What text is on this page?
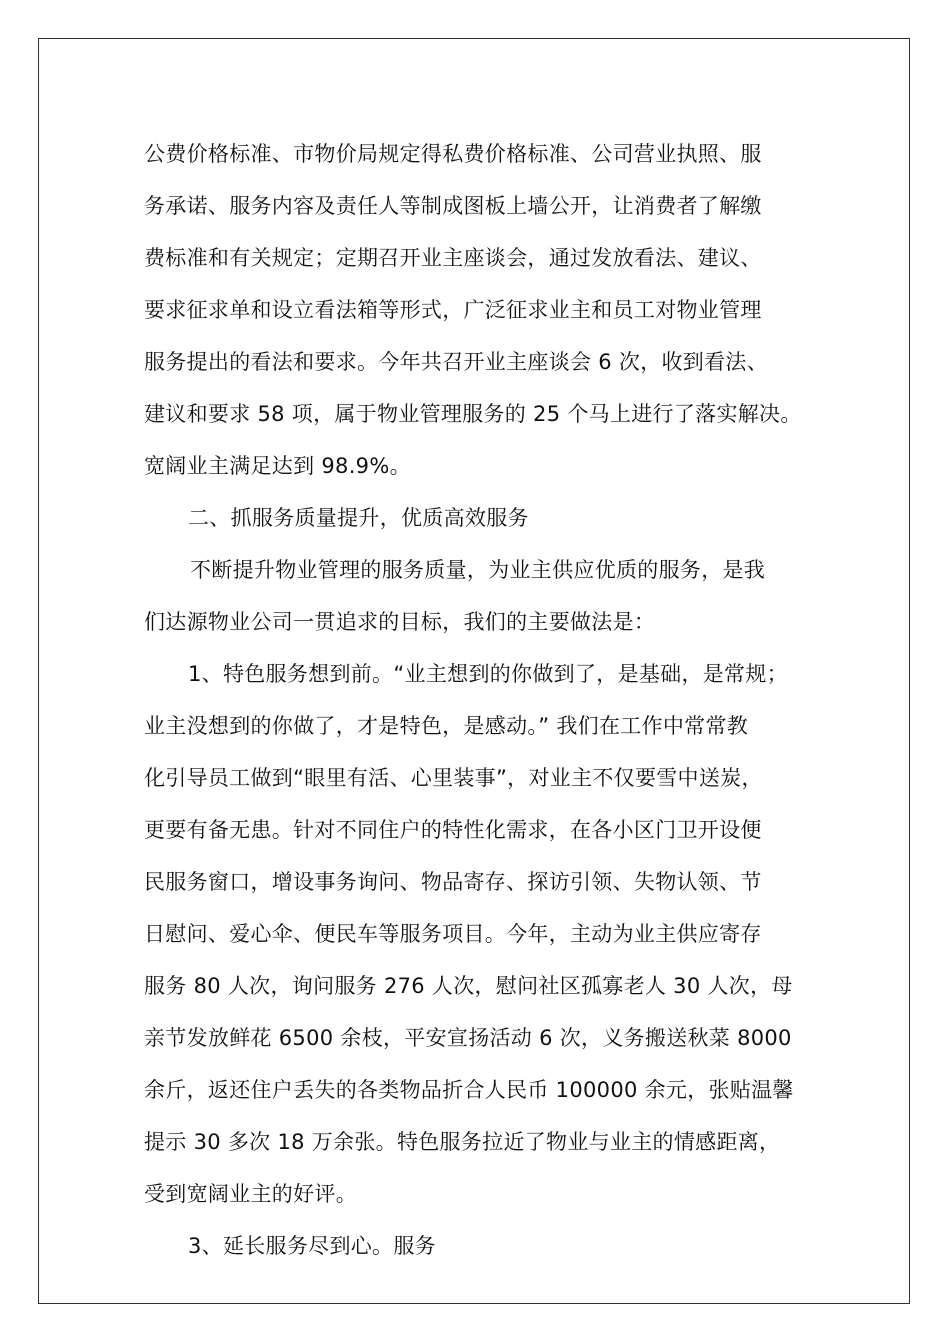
公费价格标准、市物价局规定得私费价格标准、公司营业执照、服
务承诺、服务内容及责任人等制成图板上墙公开，让消费者了解缴
费标准和有关规定；定期召开业主座谈会，通过发放看法、建议、
要求征求单和设立看法箱等形式，广泛征求业主和员工对物业管理
服务提出的看法和要求。今年共召开业主座谈会 6 次，收到看法、
建议和要求 58 项，属于物业管理服务的 25 个马上进行了落实解决。
宽阔业主满足达到 98.9%。
二、抓服务质量提升，优质高效服务
不断提升物业管理的服务质量，为业主供应优质的服务，是我
们达源物业公司一贯追求的目标，我们的主要做法是：
1、特色服务想到前。“业主想到的你做到了，是基础，是常规；
业主没想到的你做了，才是特色，是感动。” 我们在工作中常常教
化引导员工做到“眼里有活、心里装事”，对业主不仅要雪中送炭，
更要有备无患。针对不同住户的特性化需求，在各小区门卫开设便
民服务窗口，增设事务询问、物品寄存、探访引领、失物认领、节
日慰问、爱心伞、便民车等服务项目。今年，主动为业主供应寄存
服务 80 人次，询问服务 276 人次，慰问社区孤寡老人 30 人次，母
亲节发放鲜花 6500 余枝，平安宣扬活动 6 次，义务搬送秋菜 8000
余斤，返还住户丢失的各类物品折合人民币 100000 余元，张贴温馨
提示 30 多次 18 万余张。特色服务拉近了物业与业主的情感距离，
受到宽阔业主的好评。
3、延长服务尽到心。服务
